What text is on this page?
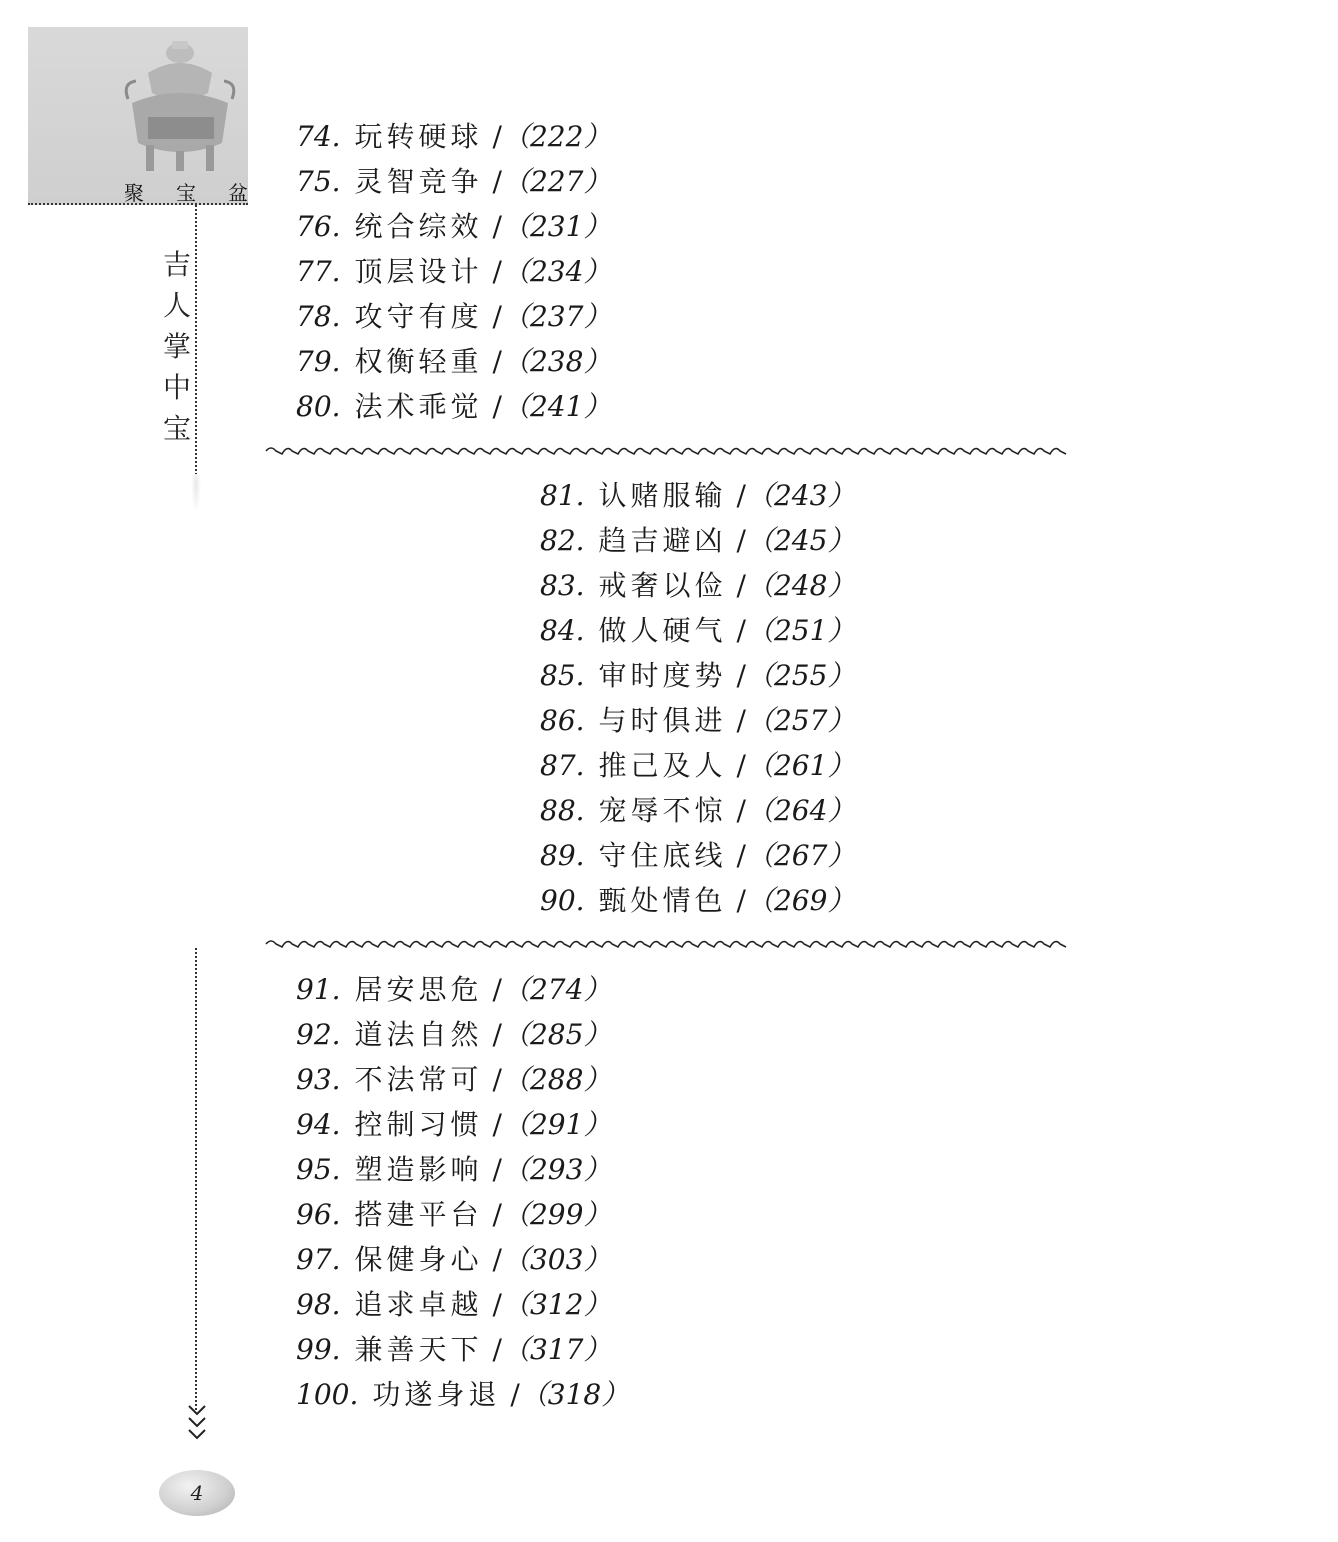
聚 宝 盆
吉
人
掌
中
宝
74. 玩转硬球 /（222）
75. 灵智竞争 /（227）
76. 统合综效 /（231）
77. 顶层设计 /（234）
78. 攻守有度 /（237）
79. 权衡轻重 /（238）
80. 法术乖觉 /（241）
81. 认赌服输 /（243）
82. 趋吉避凶 /（245）
83. 戒奢以俭 /（248）
84. 做人硬气 /（251）
85. 审时度势 /（255）
86. 与时俱进 /（257）
87. 推己及人 /（261）
88. 宠辱不惊 /（264）
89. 守住底线 /（267）
90. 甄处情色 /（269）
91. 居安思危 /（274）
92. 道法自然 /（285）
93. 不法常可 /（288）
94. 控制习惯 /（291）
95. 塑造影响 /（293）
96. 搭建平台 /（299）
97. 保健身心 /（303）
98. 追求卓越 /（312）
99. 兼善天下 /（317）
100. 功遂身退 /（318）
4
